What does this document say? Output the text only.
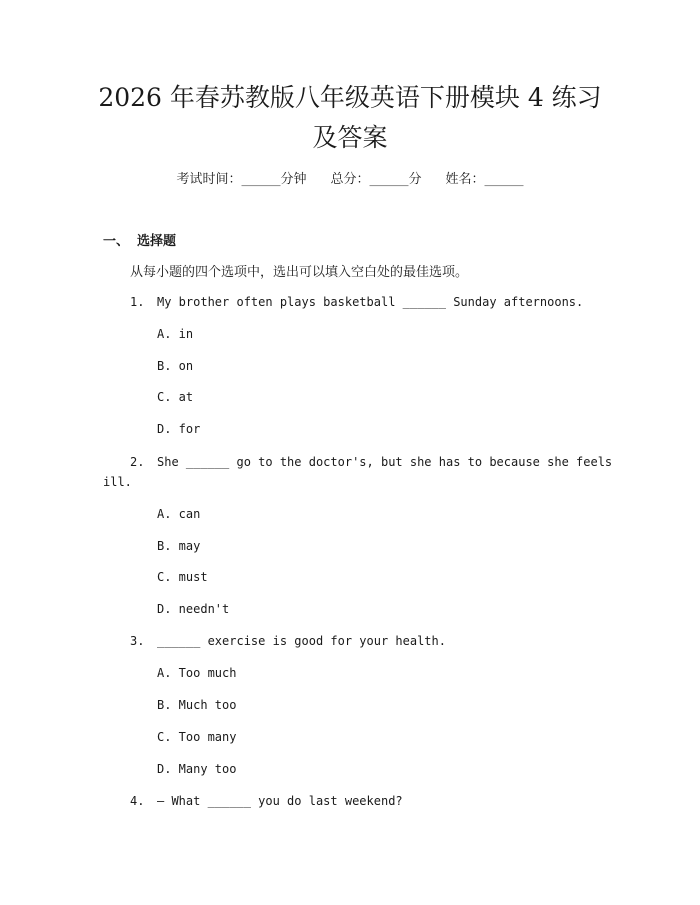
2026 年春苏教版八年级英语下册模块 4 练习
及答案
考试时间：______分钟 总分：______分 姓名：______
一、 选择题
从每小题的四个选项中，选出可以填入空白处的最佳选项。
1. My brother often plays basketball ______ Sunday afternoons.
A. in
B. on
C. at
D. for
2. She ______ go to the doctor's, but she has to because she feels
ill.
A. can
B. may
C. must
D. needn't
3. ______ exercise is good for your health.
A. Too much
B. Much too
C. Too many
D. Many too
4. — What ______ you do last weekend?
